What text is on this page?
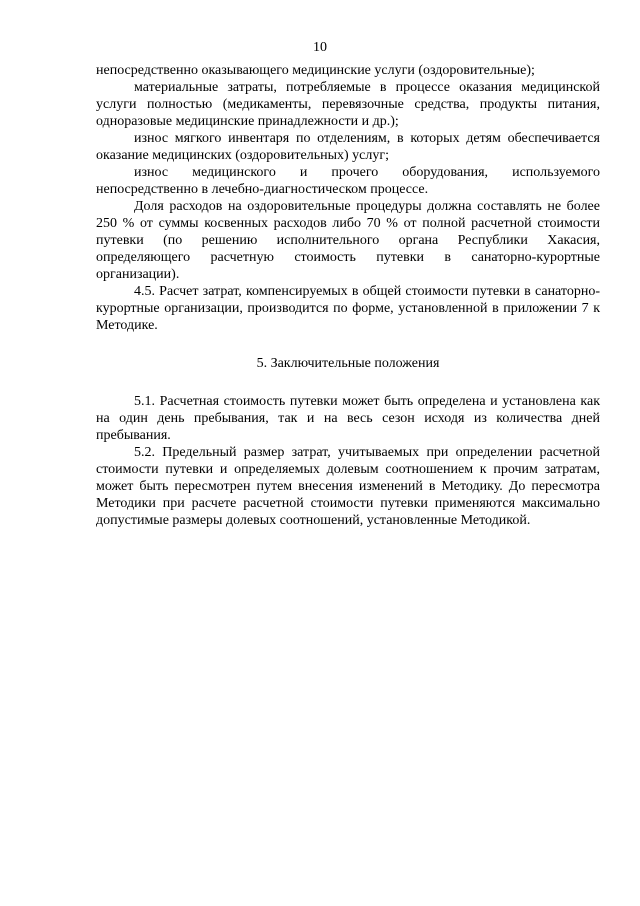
10

непосредственно оказывающего медицинские услуги (оздоровительные);

материальные затраты, потребляемые в процессе оказания медицинской услуги полностью (медикаменты, перевязочные средства, продукты питания, одноразовые медицинские принадлежности и др.);

износ мягкого инвентаря по отделениям, в которых детям обеспечивается оказание медицинских (оздоровительных) услуг;

износ медицинского и прочего оборудования, используемого непосредственно в лечебно-диагностическом процессе.

Доля расходов на оздоровительные процедуры должна составлять не более 250 % от суммы косвенных расходов либо 70 % от полной расчетной стоимости путевки (по решению исполнительного органа Республики Хакасия, определяющего расчетную стоимость путевки в санаторно-курортные организации).

4.5. Расчет затрат, компенсируемых в общей стоимости путевки в санаторно-курортные организации, производится по форме, установленной в приложении 7 к Методике.

5. Заключительные положения

5.1. Расчетная стоимость путевки может быть определена и установлена как на один день пребывания, так и на весь сезон исходя из количества дней пребывания.

5.2. Предельный размер затрат, учитываемых при определении расчетной стоимости путевки и определяемых долевым соотношением к прочим затратам, может быть пересмотрен путем внесения изменений в Методику. До пересмотра Методики при расчете расчетной стоимости путевки применяются максимально допустимые размеры долевых соотношений, установленные Методикой.
